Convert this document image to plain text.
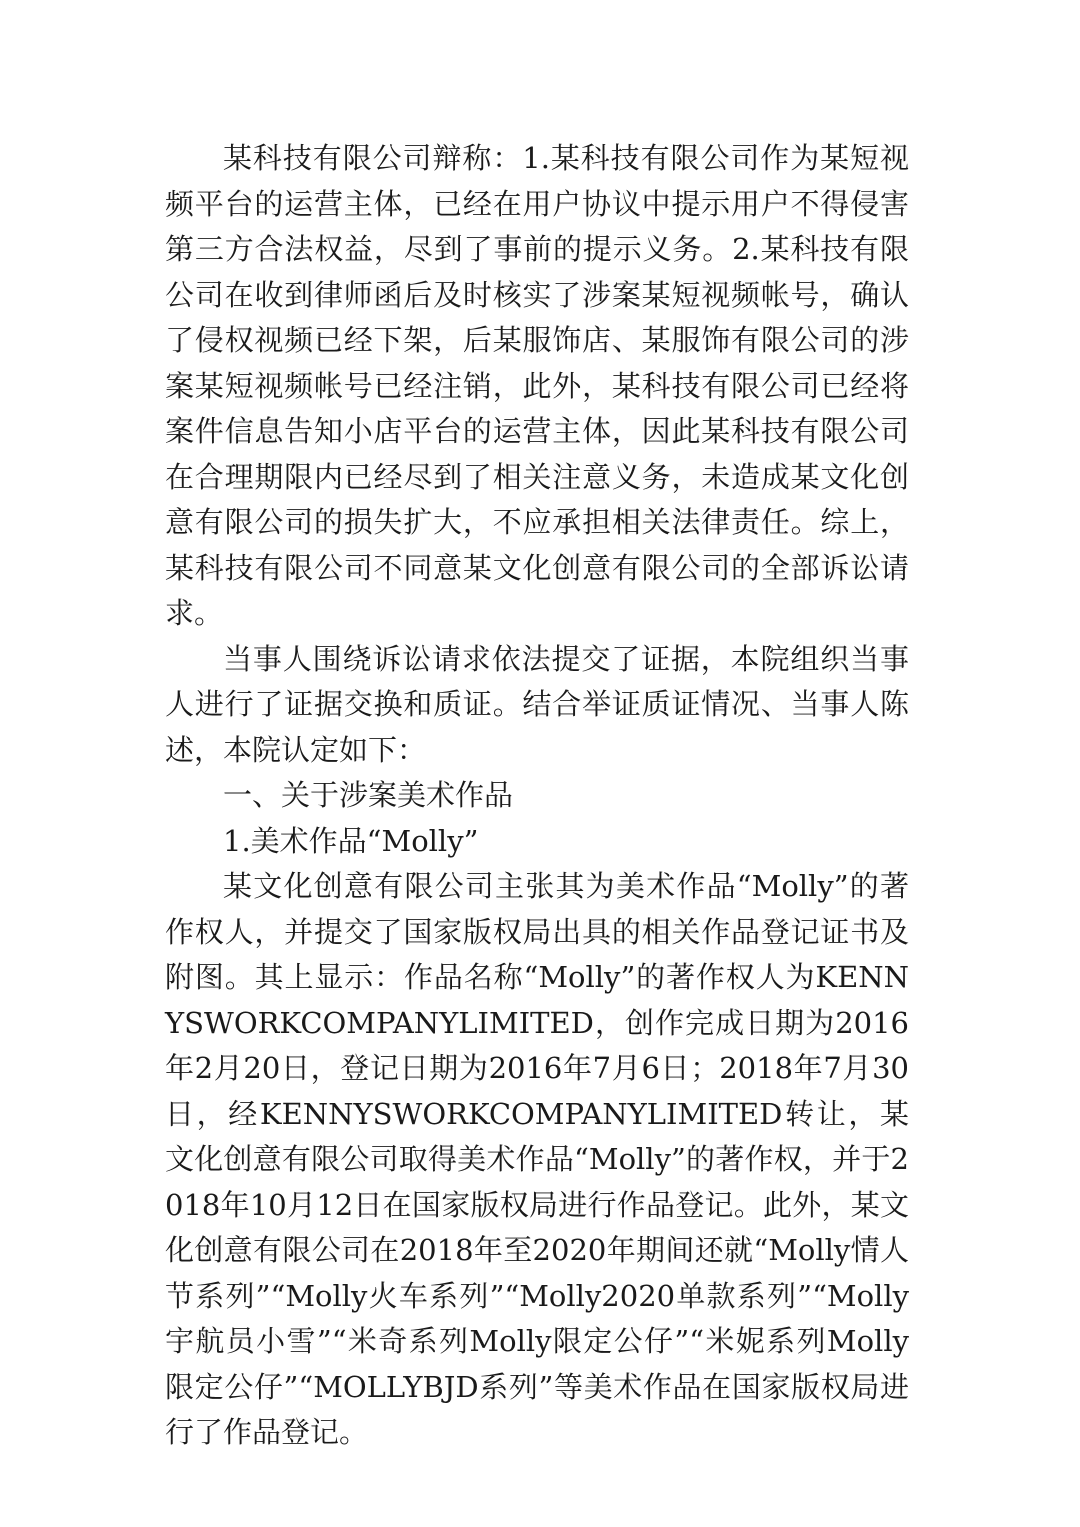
某科技有限公司辩称：1.某科技有限公司作为某短视频平台的运营主体，已经在用户协议中提示用户不得侵害第三方合法权益，尽到了事前的提示义务。2.某科技有限公司在收到律师函后及时核实了涉案某短视频帐号，确认了侵权视频已经下架，后某服饰店、某服饰有限公司的涉案某短视频帐号已经注销，此外，某科技有限公司已经将案件信息告知小店平台的运营主体，因此某科技有限公司在合理期限内已经尽到了相关注意义务，未造成某文化创意有限公司的损失扩大，不应承担相关法律责任。综上，某科技有限公司不同意某文化创意有限公司的全部诉讼请求。

当事人围绕诉讼请求依法提交了证据，本院组织当事人进行了证据交换和质证。结合举证质证情况、当事人陈述，本院认定如下：

一、关于涉案美术作品

1.美术作品“Molly”

某文化创意有限公司主张其为美术作品“Molly”的著作权人，并提交了国家版权局出具的相关作品登记证书及附图。其上显示：作品名称“Molly”的著作权人为KENNYSWORKCOMPANYLIMITED，创作完成日期为2016年2月20日，登记日期为2016年7月6日；2018年7月30日，经KENNYSWORKCOMPANYLIMITED转让，某文化创意有限公司取得美术作品“Molly”的著作权，并于2018年10月12日在国家版权局进行作品登记。此外，某文化创意有限公司在2018年至2020年期间还就“Molly情人节系列”“Molly火车系列”“Molly2020单款系列”“Molly宇航员小雪”“米奇系列Molly限定公仔”“米妮系列Molly限定公仔”“MOLLYBJD系列”等美术作品在国家版权局进行了作品登记。
